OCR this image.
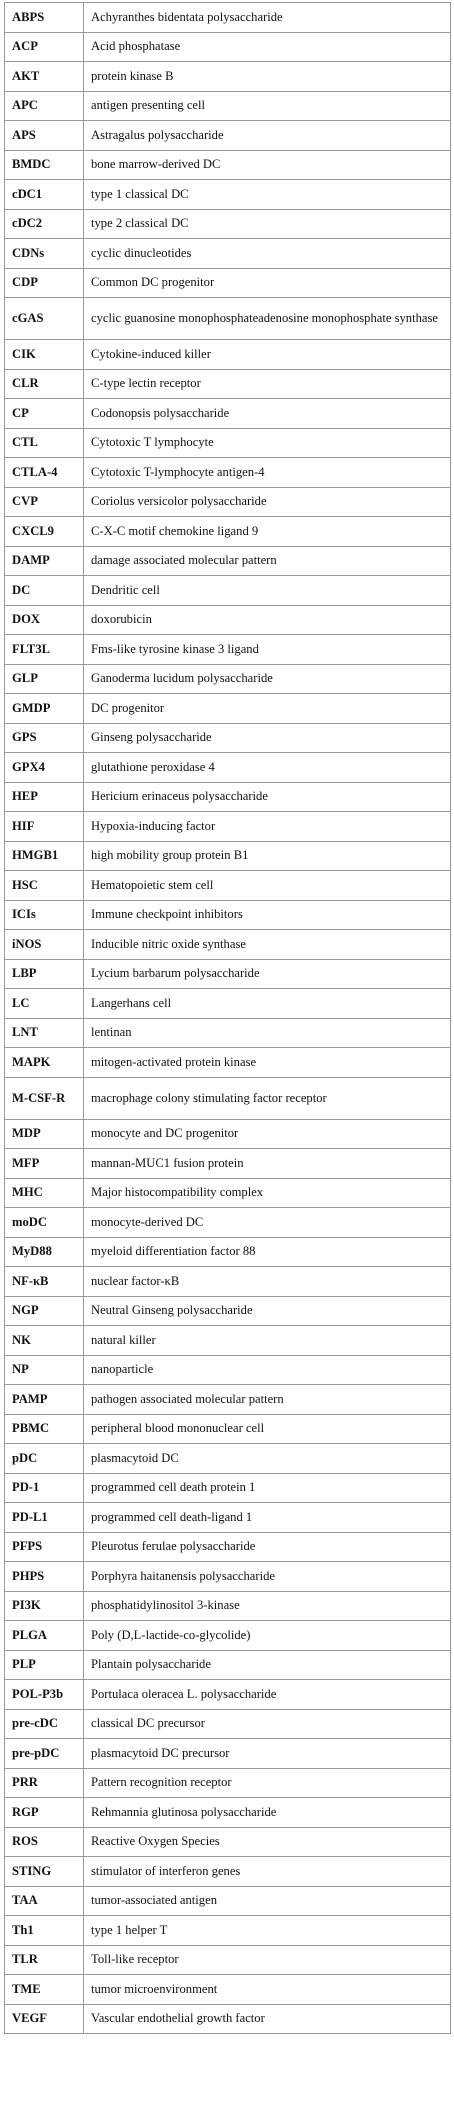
ABPS	Achyranthes bidentata polysaccharide
ACP	Acid phosphatase
AKT	protein kinase B
APC	antigen presenting cell
APS	Astragalus polysaccharide
BMDC	bone marrow-derived DC
cDC1	type 1 classical DC
cDC2	type 2 classical DC
CDNs	cyclic dinucleotides
CDP	Common DC progenitor
cGAS	cyclic guanosine monophosphateadenosine monophosphate synthase
CIK	Cytokine-induced killer
CLR	C-type lectin receptor
CP	Codonopsis polysaccharide
CTL	Cytotoxic T lymphocyte
CTLA-4	Cytotoxic T-lymphocyte antigen-4
CVP	Coriolus versicolor polysaccharide
CXCL9	C-X-C motif chemokine ligand 9
DAMP	damage associated molecular pattern
DC	Dendritic cell
DOX	doxorubicin
FLT3L	Fms-like tyrosine kinase 3 ligand
GLP	Ganoderma lucidum polysaccharide
GMDP	DC progenitor
GPS	Ginseng polysaccharide
GPX4	glutathione peroxidase 4
HEP	Hericium erinaceus polysaccharide
HIF	Hypoxia-inducing factor
HMGB1	high mobility group protein B1
HSC	Hematopoietic stem cell
ICIs	Immune checkpoint inhibitors
iNOS	Inducible nitric oxide synthase
LBP	Lycium barbarum polysaccharide
LC	Langerhans cell
LNT	lentinan
MAPK	mitogen-activated protein kinase
M-CSF-R	macrophage colony stimulating factor receptor
MDP	monocyte and DC progenitor
MFP	mannan-MUC1 fusion protein
MHC	Major histocompatibility complex
moDC	monocyte-derived DC
MyD88	myeloid differentiation factor 88
NF-κB	nuclear factor-κB
NGP	Neutral Ginseng polysaccharide
NK	natural killer
NP	nanoparticle
PAMP	pathogen associated molecular pattern
PBMC	peripheral blood mononuclear cell
pDC	plasmacytoid DC
PD-1	programmed cell death protein 1
PD-L1	programmed cell death-ligand 1
PFPS	Pleurotus ferulae polysaccharide
PHPS	Porphyra haitanensis polysaccharide
PI3K	phosphatidylinositol 3-kinase
PLGA	Poly (D,L-lactide-co-glycolide)
PLP	Plantain polysaccharide
POL-P3b	Portulaca oleracea L. polysaccharide
pre-cDC	classical DC precursor
pre-pDC	plasmacytoid DC precursor
PRR	Pattern recognition receptor
RGP	Rehmannia glutinosa polysaccharide
ROS	Reactive Oxygen Species
STING	stimulator of interferon genes
TAA	tumor-associated antigen
Th1	type 1 helper T
TLR	Toll-like receptor
TME	tumor microenvironment
VEGF	Vascular endothelial growth factor
